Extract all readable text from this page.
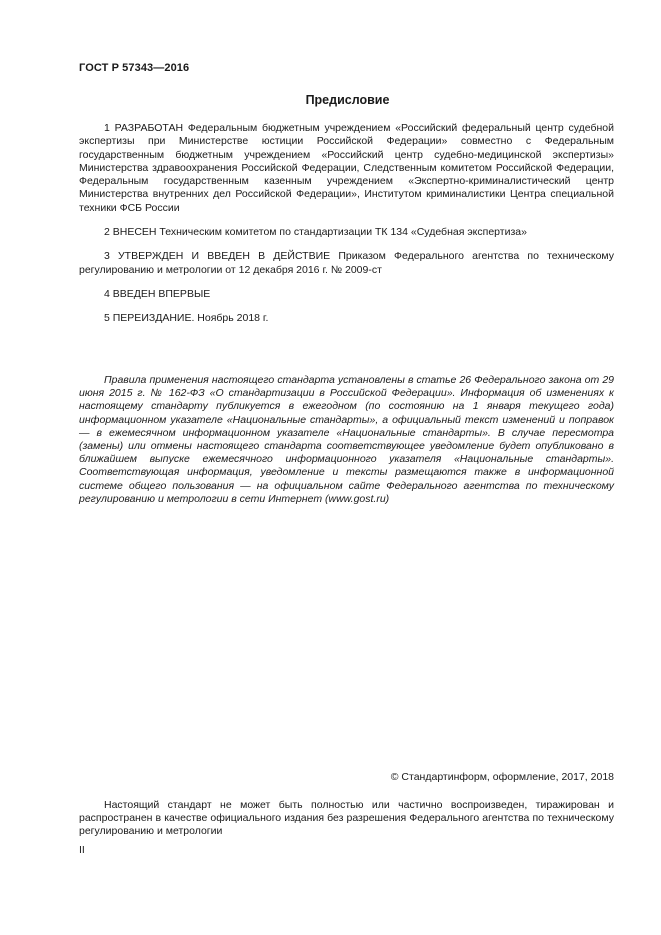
ГОСТ Р 57343—2016
Предисловие

1 РАЗРАБОТАН Федеральным бюджетным учреждением «Российский федеральный центр судебной экспертизы при Министерстве юстиции Российской Федерации» совместно с Федеральным государственным бюджетным учреждением «Российский центр судебно-медицинской экспертизы» Министерства здравоохранения Российской Федерации, Следственным комитетом Российской Федерации, Федеральным государственным казенным учреждением «Экспертно-криминалистический центр Министерства внутренних дел Российской Федерации», Институтом криминалистики Центра специальной техники ФСБ России

2 ВНЕСЕН Техническим комитетом по стандартизации ТК 134 «Судебная экспертиза»

3 УТВЕРЖДЕН И ВВЕДЕН В ДЕЙСТВИЕ Приказом Федерального агентства по техническому регулированию и метрологии от 12 декабря 2016 г. № 2009-ст

4 ВВЕДЕН ВПЕРВЫЕ

5 ПЕРЕИЗДАНИЕ. Ноябрь 2018 г.

Правила применения настоящего стандарта установлены в статье 26 Федерального закона от 29 июня 2015 г. № 162-ФЗ «О стандартизации в Российской Федерации». Информация об изменениях к настоящему стандарту публикуется в ежегодном (по состоянию на 1 января текущего года) информационном указателе «Национальные стандарты», а официальный текст изменений и поправок — в ежемесячном информационном указателе «Национальные стандарты». В случае пересмотра (замены) или отмены настоящего стандарта соответствующее уведомление будет опубликовано в ближайшем выпуске ежемесячного информационного указателя «Национальные стандарты». Соответствующая информация, уведомление и тексты размещаются также в информационной системе общего пользования — на официальном сайте Федерального агентства по техническому регулированию и метрологии в сети Интернет (www.gost.ru)

© Стандартинформ, оформление, 2017, 2018

Настоящий стандарт не может быть полностью или частично воспроизведен, тиражирован и распространен в качестве официального издания без разрешения Федерального агентства по техническому регулированию и метрологии

II
